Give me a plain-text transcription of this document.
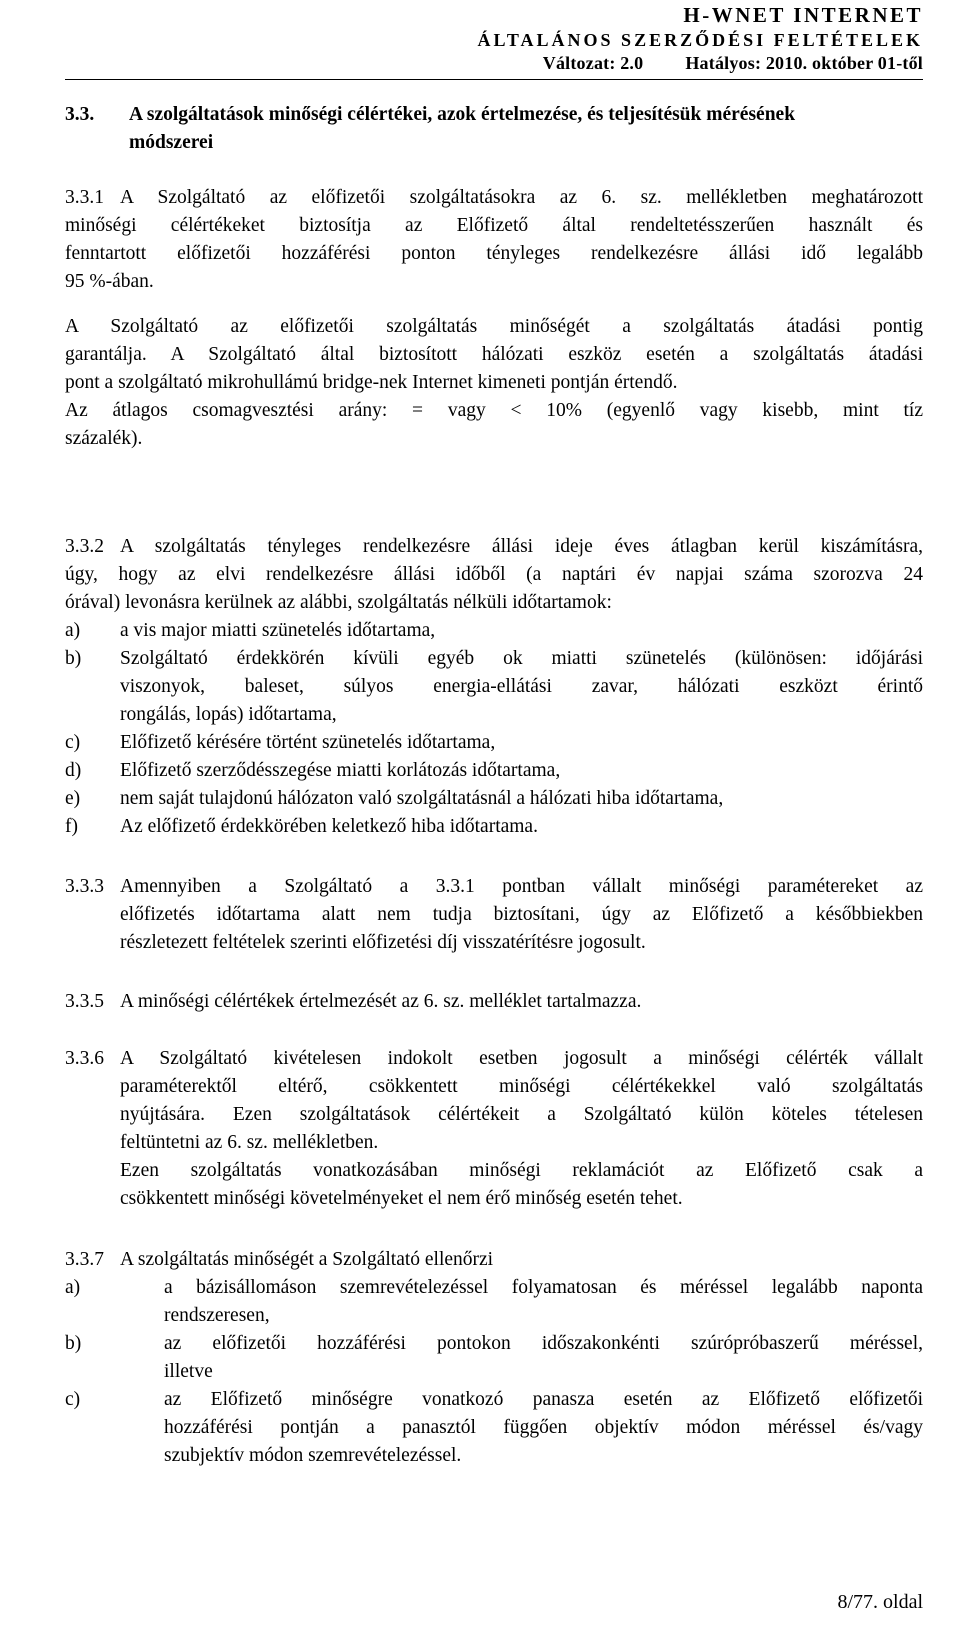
H-WNET INTERNET
ÁLTALÁNOS SZERZŐDÉSI FELTÉTELEK
Változat: 2.0 Hatályos: 2010. október 01-től
3.3. A szolgáltatások minőségi célértékei, azok értelmezése, és teljesítésük mérésének
módszerei
3.3.1 A Szolgáltató az előfizetői szolgáltatásokra az 6. sz. mellékletben meghatározott

minőségi célértékeket biztosítja az Előfizető által rendeltetésszerűen használt és

fenntartott előfizetői hozzáférési ponton tényleges rendelkezésre állási idő legalább

95 %-ában.

A Szolgáltató az előfizetői szolgáltatás minőségét a szolgáltatás átadási pontig

garantálja. A Szolgáltató által biztosított hálózati eszköz esetén a szolgáltatás átadási

pont a szolgáltató mikrohullámú bridge-nek Internet kimeneti pontján értendő.

Az átlagos csomagvesztési arány: = vagy < 10% (egyenlő vagy kisebb, mint tíz

százalék).

3.3.2 A szolgáltatás tényleges rendelkezésre állási ideje éves átlagban kerül kiszámításra,

úgy, hogy az elvi rendelkezésre állási időből (a naptári év napjai száma szorozva 24

órával) levonásra kerülnek az alábbi, szolgáltatás nélküli időtartamok:

a) a vis major miatti szünetelés időtartama,

b) Szolgáltató érdekkörén kívüli egyéb ok miatti szünetelés (különösen: időjárási

viszonyok, baleset, súlyos energia-ellátási zavar, hálózati eszközt érintő

rongálás, lopás) időtartama,

c) Előfizető kérésére történt szünetelés időtartama,

d) Előfizető szerződésszegése miatti korlátozás időtartama,

e) nem saját tulajdonú hálózaton való szolgáltatásnál a hálózati hiba időtartama,

f) Az előfizető érdekkörében keletkező hiba időtartama.

3.3.3 Amennyiben a Szolgáltató a 3.3.1 pontban vállalt minőségi paramétereket az

előfizetés időtartama alatt nem tudja biztosítani, úgy az Előfizető a későbbiekben

részletezett feltételek szerinti előfizetési díj visszatérítésre jogosult.

3.3.5 A minőségi célértékek értelmezését az 6. sz. melléklet tartalmazza.

3.3.6 A Szolgáltató kivételesen indokolt esetben jogosult a minőségi célérték vállalt

paraméterektől eltérő, csökkentett minőségi célértékekkel való szolgáltatás

nyújtására. Ezen szolgáltatások célértékeit a Szolgáltató külön köteles tételesen

feltüntetni az 6. sz. mellékletben.

Ezen szolgáltatás vonatkozásában minőségi reklamációt az Előfizető csak a

csökkentett minőségi követelményeket el nem érő minőség esetén tehet.

3.3.7 A szolgáltatás minőségét a Szolgáltató ellenőrzi

a)	a bázisállomáson szemrevételezéssel folyamatosan és méréssel legalább naponta

rendszeresen,

b)	az előfizetői hozzáférési pontokon időszakonkénti szúrópróbaszerű méréssel,

illetve

c)	az Előfizető minőségre vonatkozó panasza esetén az Előfizető előfizetői

hozzáférési pontján a panasztól függően objektív módon méréssel és/vagy

szubjektív módon szemrevételezéssel.

8/77. oldal
